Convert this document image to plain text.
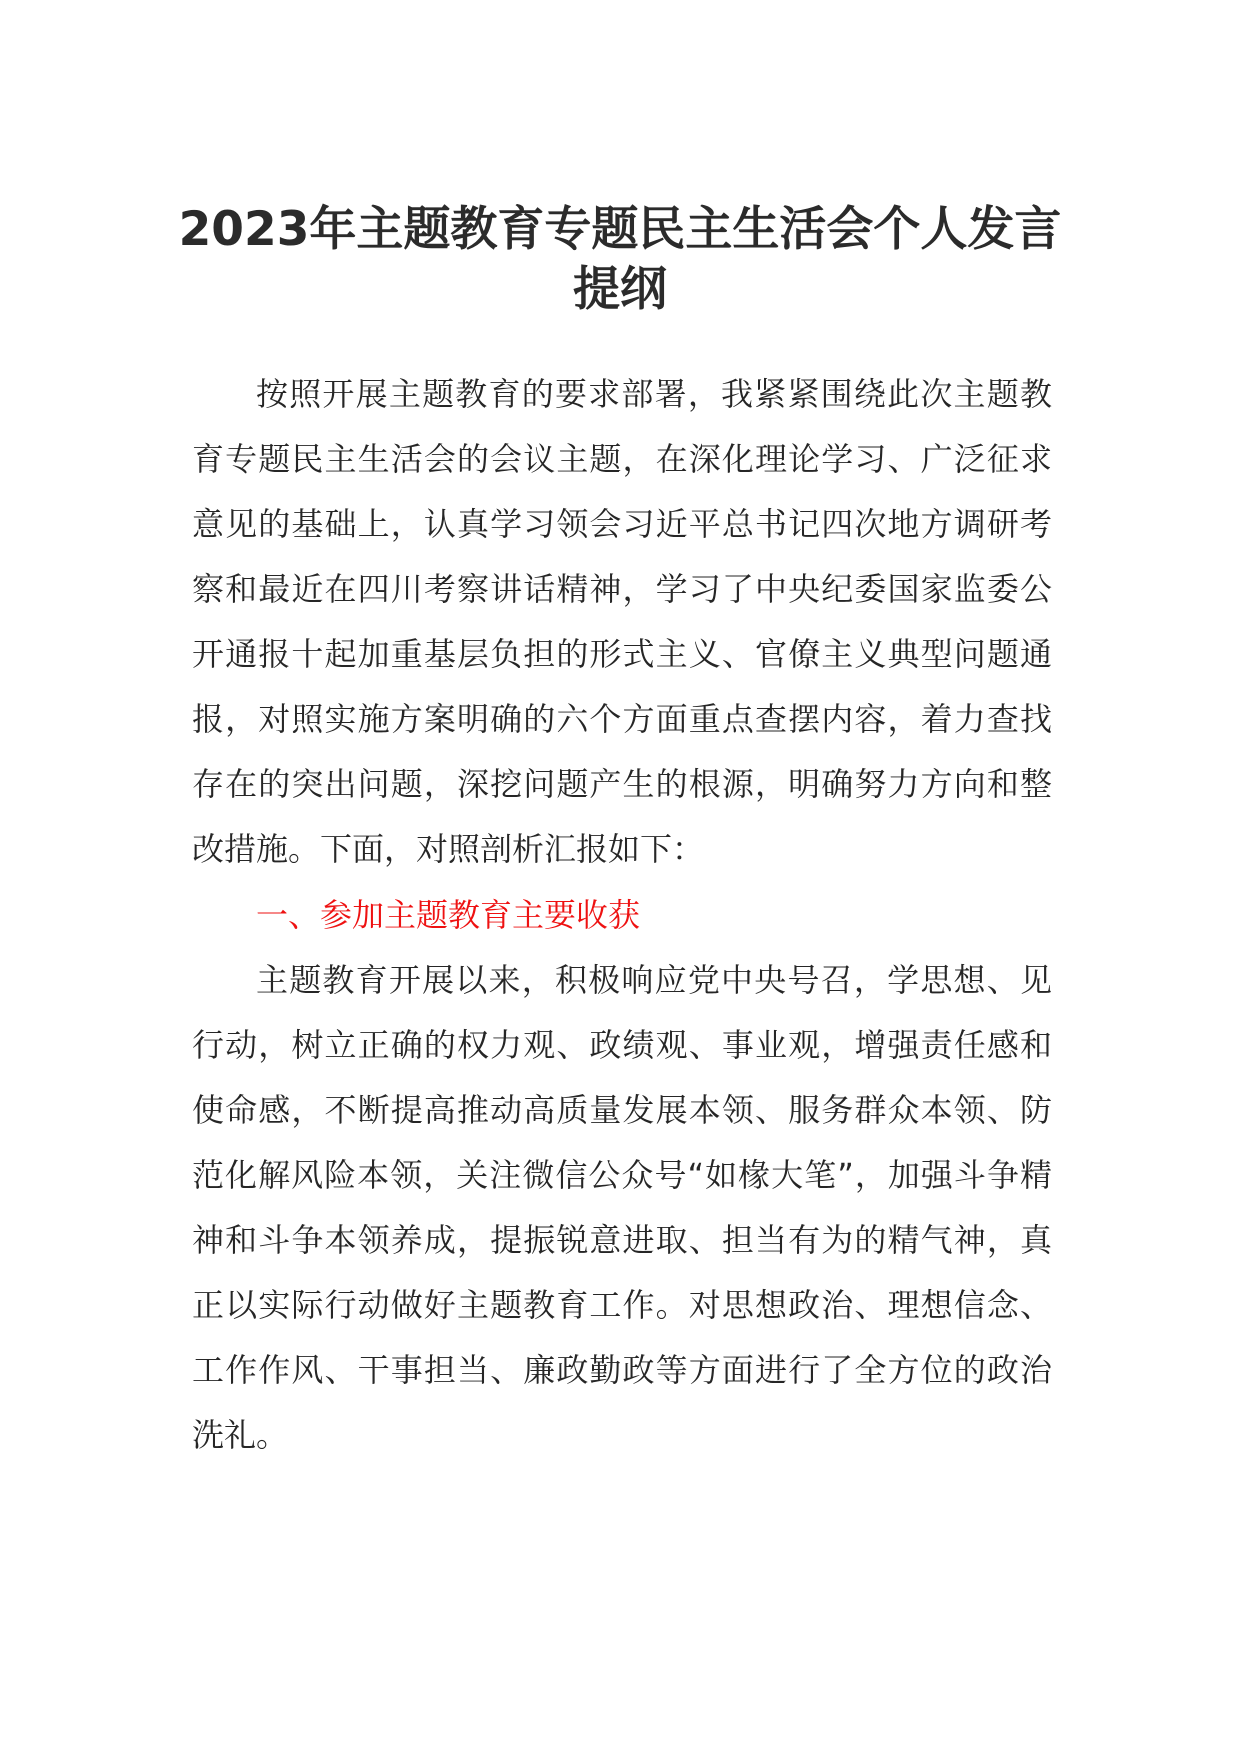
2023年主题教育专题民主生活会个人发言提纲

按照开展主题教育的要求部署，我紧紧围绕此次主题教育专题民主生活会的会议主题，在深化理论学习、广泛征求意见的基础上，认真学习领会习近平总书记四次地方调研考察和最近在四川考察讲话精神，学习了中央纪委国家监委公开通报十起加重基层负担的形式主义、官僚主义典型问题通报，对照实施方案明确的六个方面重点查摆内容，着力查找存在的突出问题，深挖问题产生的根源，明确努力方向和整改措施。下面，对照剖析汇报如下：

一、参加主题教育主要收获

主题教育开展以来，积极响应党中央号召，学思想、见行动，树立正确的权力观、政绩观、事业观，增强责任感和使命感，不断提高推动高质量发展本领、服务群众本领、防范化解风险本领，关注微信公众号“如椽大笔”，加强斗争精神和斗争本领养成，提振锐意进取、担当有为的精气神，真正以实际行动做好主题教育工作。对思想政治、理想信念、工作作风、干事担当、廉政勤政等方面进行了全方位的政治洗礼。
